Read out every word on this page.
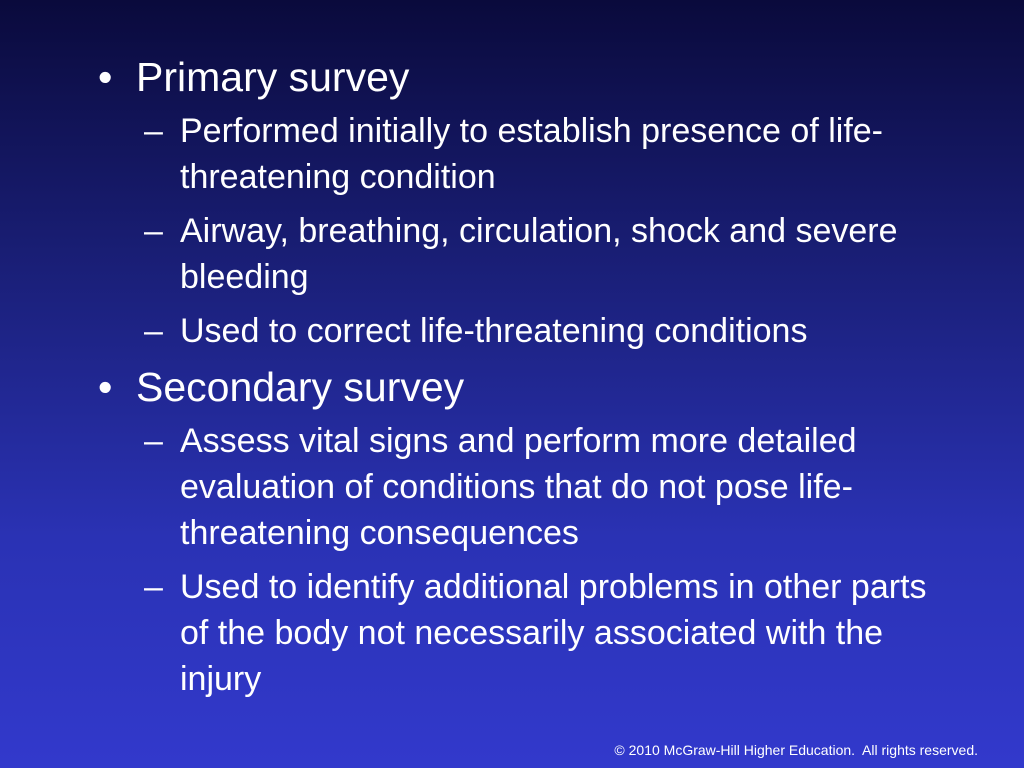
• Primary survey
– Performed initially to establish presence of life-threatening condition
– Airway, breathing, circulation, shock and severe bleeding
– Used to correct life-threatening conditions
• Secondary survey
– Assess vital signs and perform more detailed evaluation of conditions that do not pose life-threatening consequences
– Used to identify additional problems in other parts of the body not necessarily associated with the injury
© 2010 McGraw-Hill Higher Education.  All rights reserved.
